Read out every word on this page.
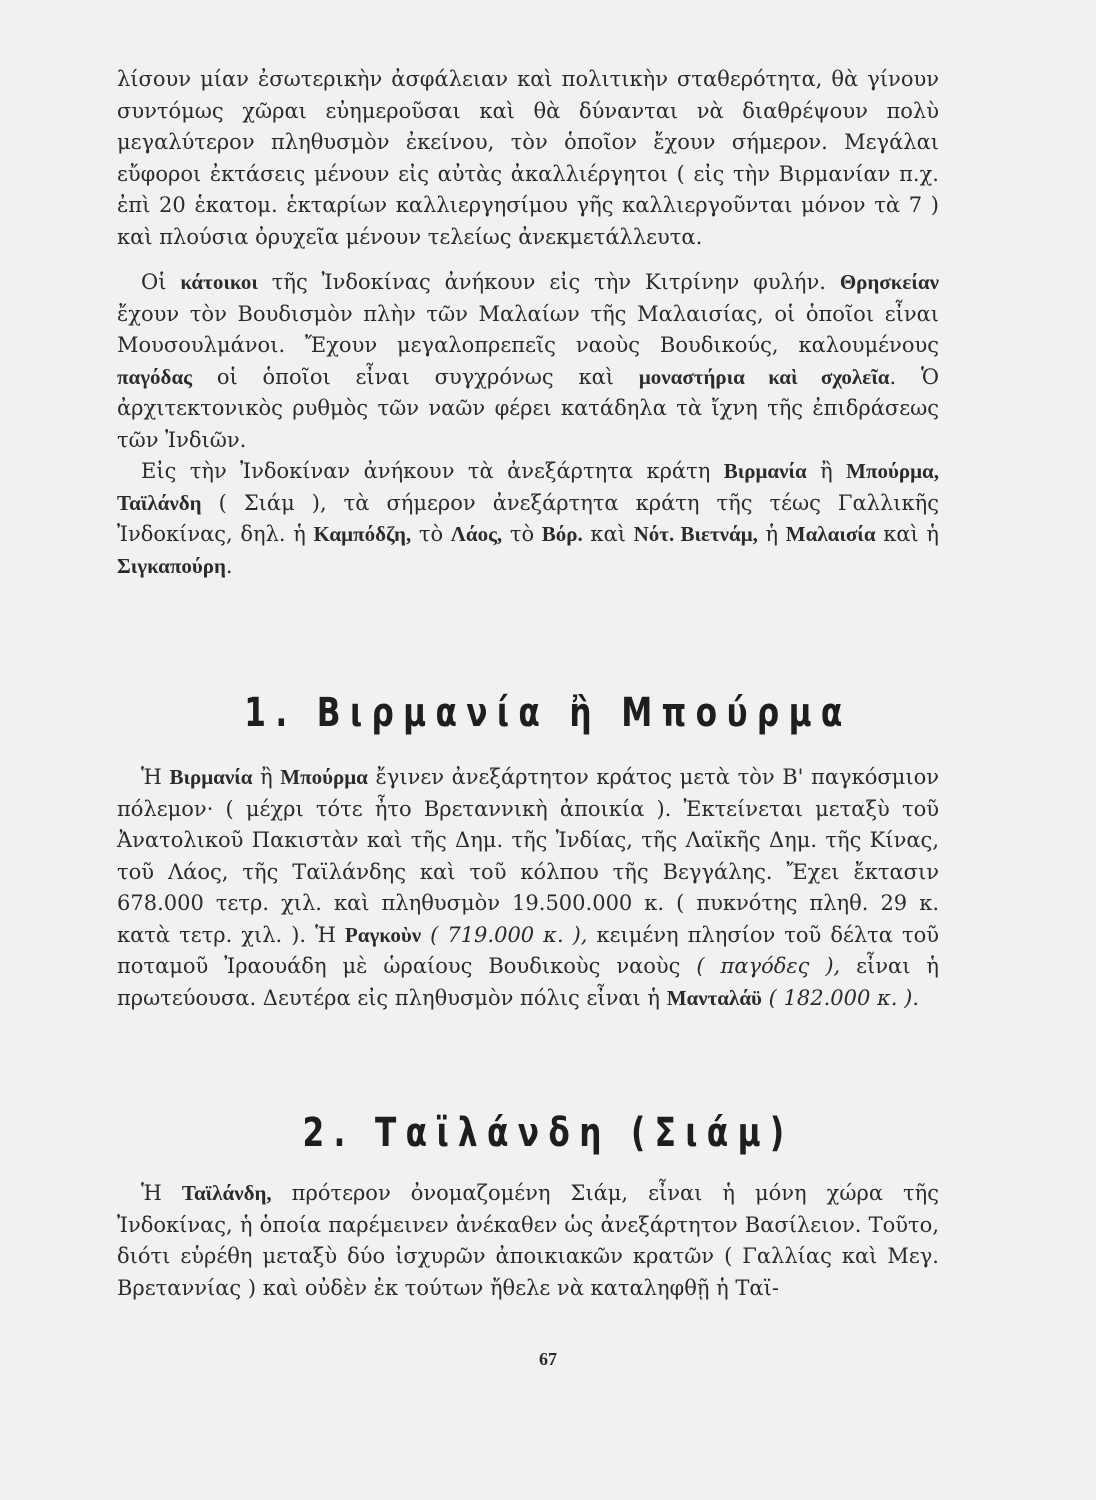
λίσουν μίαν ἐσωτερικὴν ἀσφάλειαν καὶ πολιτικὴν σταθερότητα, θὰ γίνουν συντόμως χῶραι εὐημεροῦσαι καὶ θὰ δύνανται νὰ διαθρέψουν πολὺ μεγαλύτερον πληθυσμὸν ἐκείνου, τὸν ὁποῖον ἔχουν σήμερον. Μεγάλαι εὔφοροι ἐκτάσεις μένουν εἰς αὐτὰς ἀκαλλιέργητοι ( εἰς τὴν Βιρμανίαν π.χ. ἐπὶ 20 ἑκατομ. ἑκταρίων καλλιεργησίμου γῆς καλλιεργοῦνται μόνον τὰ 7 ) καὶ πλούσια ὀρυχεῖα μένουν τελείως ἀνεκμετάλλευτα.

Οἱ κάτοικοι τῆς Ἰνδοκίνας ἀνήκουν εἰς τὴν Κιτρίνην φυλήν. Θρησκείαν ἔχουν τὸν Βουδισμὸν πλὴν τῶν Μαλαίων τῆς Μαλαισίας, οἱ ὁποῖοι εἶναι Μουσουλμάνοι. Ἔχουν μεγαλοπρεπεῖς ναοὺς Βουδικούς, καλουμένους παγόδας οἱ ὁποῖοι εἶναι συγχρόνως καὶ μοναστήρια καὶ σχολεῖα. Ὁ ἀρχιτεκτονικὸς ρυθμὸς τῶν ναῶν φέρει κατάδηλα τὰ ἴχνη τῆς ἐπιδράσεως τῶν Ἰνδιῶν.

Εἰς τὴν Ἰνδοκίναν ἀνήκουν τὰ ἀνεξάρτητα κράτη Βιρμανία ἢ Μπούρμα, Ταϊλάνδη ( Σιάμ ), τὰ σήμερον ἀνεξάρτητα κράτη τῆς τέως Γαλλικῆς Ἰνδοκίνας, δηλ. ἡ Καμπόδζη, τὸ Λάος, τὸ Βόρ. καὶ Νότ. Βιετνάμ, ἡ Μαλαισία καὶ ἡ Σιγκαπούρη.

1. Βιρμανία ἢ Μπούρμα

Ἡ Βιρμανία ἢ Μπούρμα ἔγινεν ἀνεξάρτητον κράτος μετὰ τὸν Β' παγκόσμιον πόλεμον· ( μέχρι τότε ἦτο Βρεταννικὴ ἀποικία ). Ἐκτείνεται μεταξὺ τοῦ Ἀνατολικοῦ Πακιστὰν καὶ τῆς Δημ. τῆς Ἰνδίας, τῆς Λαϊκῆς Δημ. τῆς Κίνας, τοῦ Λάος, τῆς Ταϊλάνδης καὶ τοῦ κόλπου τῆς Βεγγάλης. Ἔχει ἔκτασιν 678.000 τετρ. χιλ. καὶ πληθυσμὸν 19.500.000 κ. ( πυκνότης πληθ. 29 κ. κατὰ τετρ. χιλ. ). Ἡ Ραγκοὺν ( 719.000 κ. ), κειμένη πλησίον τοῦ δέλτα τοῦ ποταμοῦ Ἰραουάδη μὲ ὡραίους Βουδικοὺς ναοὺς ( παγόδες ), εἶναι ἡ πρωτεύουσα. Δευτέρα εἰς πληθυσμὸν πόλις εἶναι ἡ Μανταλάϋ ( 182.000 κ. ).

2. Ταϊλάνδη (Σιάμ)

Ἡ Ταϊλάνδη, πρότερον ὀνομαζομένη Σιάμ, εἶναι ἡ μόνη χώρα τῆς Ἰνδοκίνας, ἡ ὁποία παρέμεινεν ἀνέκαθεν ὡς ἀνεξάρτητον Βασίλειον. Τοῦτο, διότι εὑρέθη μεταξὺ δύο ἰσχυρῶν ἀποικιακῶν κρατῶν ( Γαλλίας καὶ Μεγ. Βρεταννίας ) καὶ οὐδὲν ἐκ τούτων ἤθελε νὰ καταληφθῇ ἡ Ταϊ-

67
